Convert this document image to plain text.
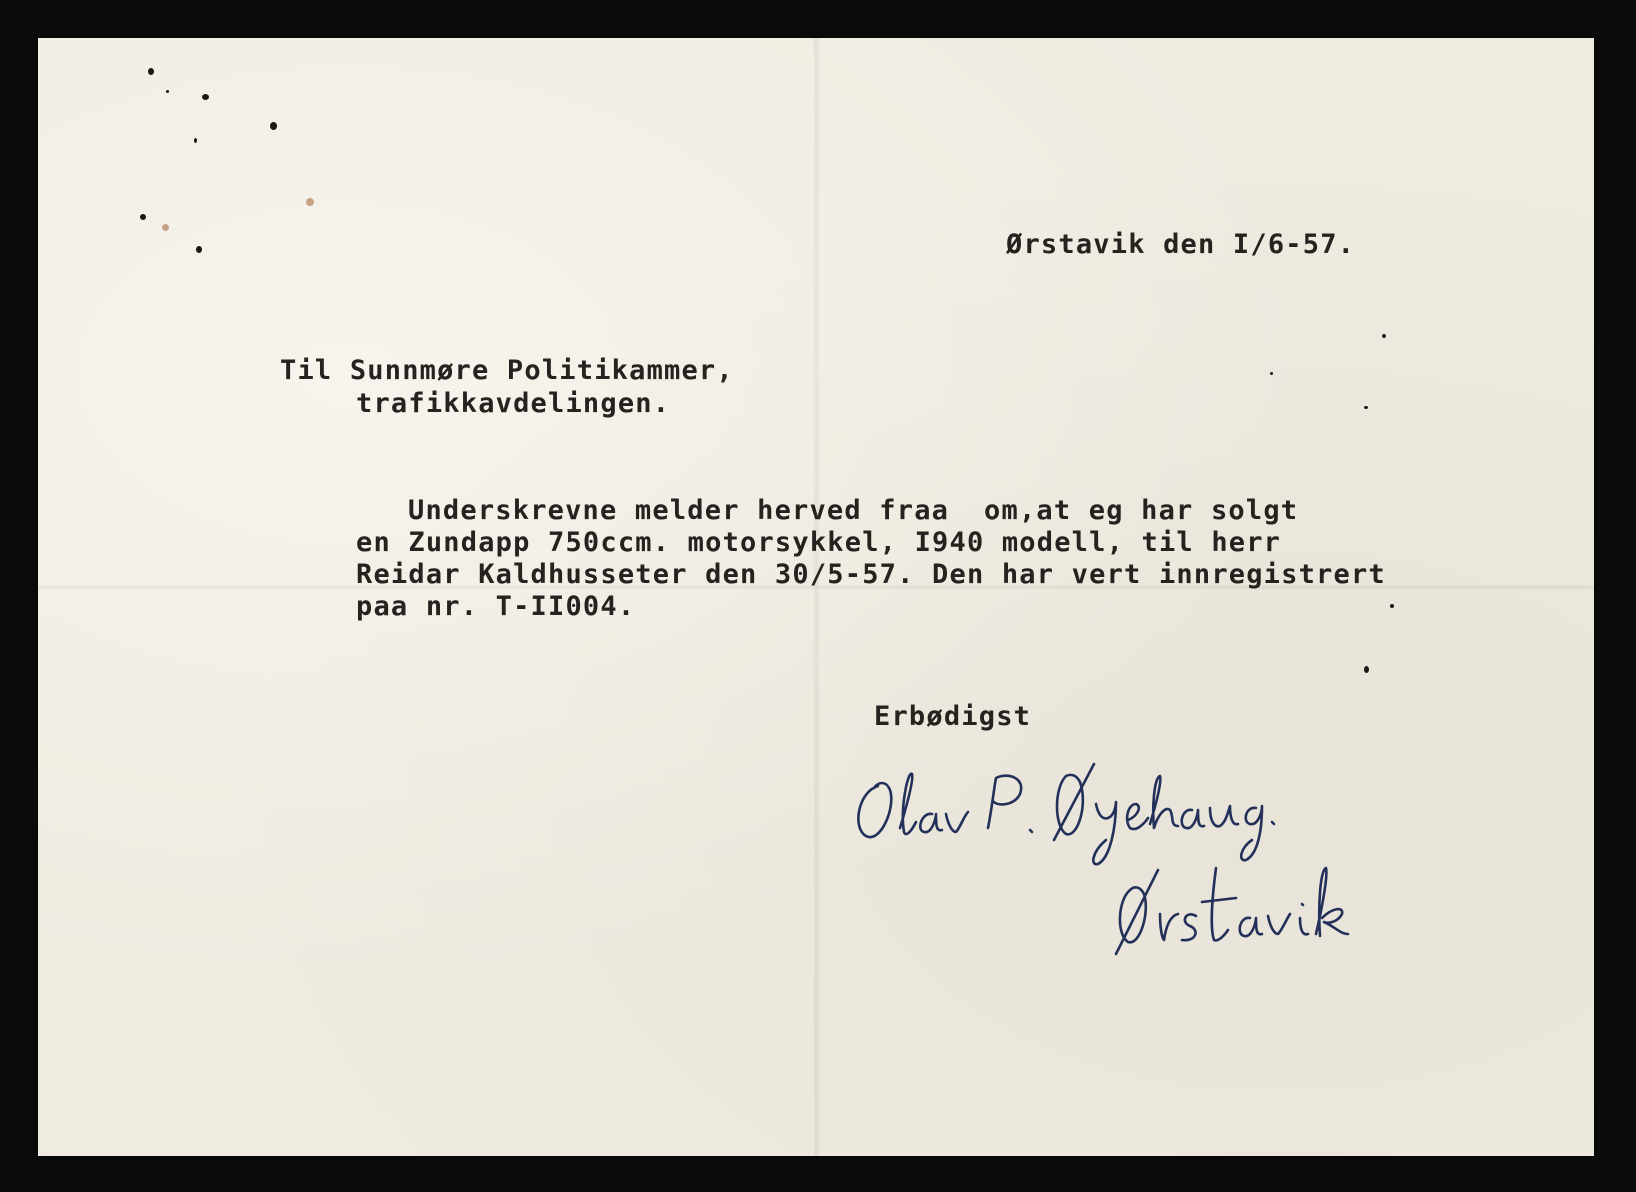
Ørstavik den I/6-57.

Til Sunnmøre Politikammer,

trafikkavdelingen.

Underskrevne melder herved fraa  om,at eg har solgt

en Zundapp 750ccm. motorsykkel, I940 modell, til herr

Reidar Kaldhusseter den 30/5-57. Den har vert innregistrert

paa nr. T-II004.

Erbødigst
